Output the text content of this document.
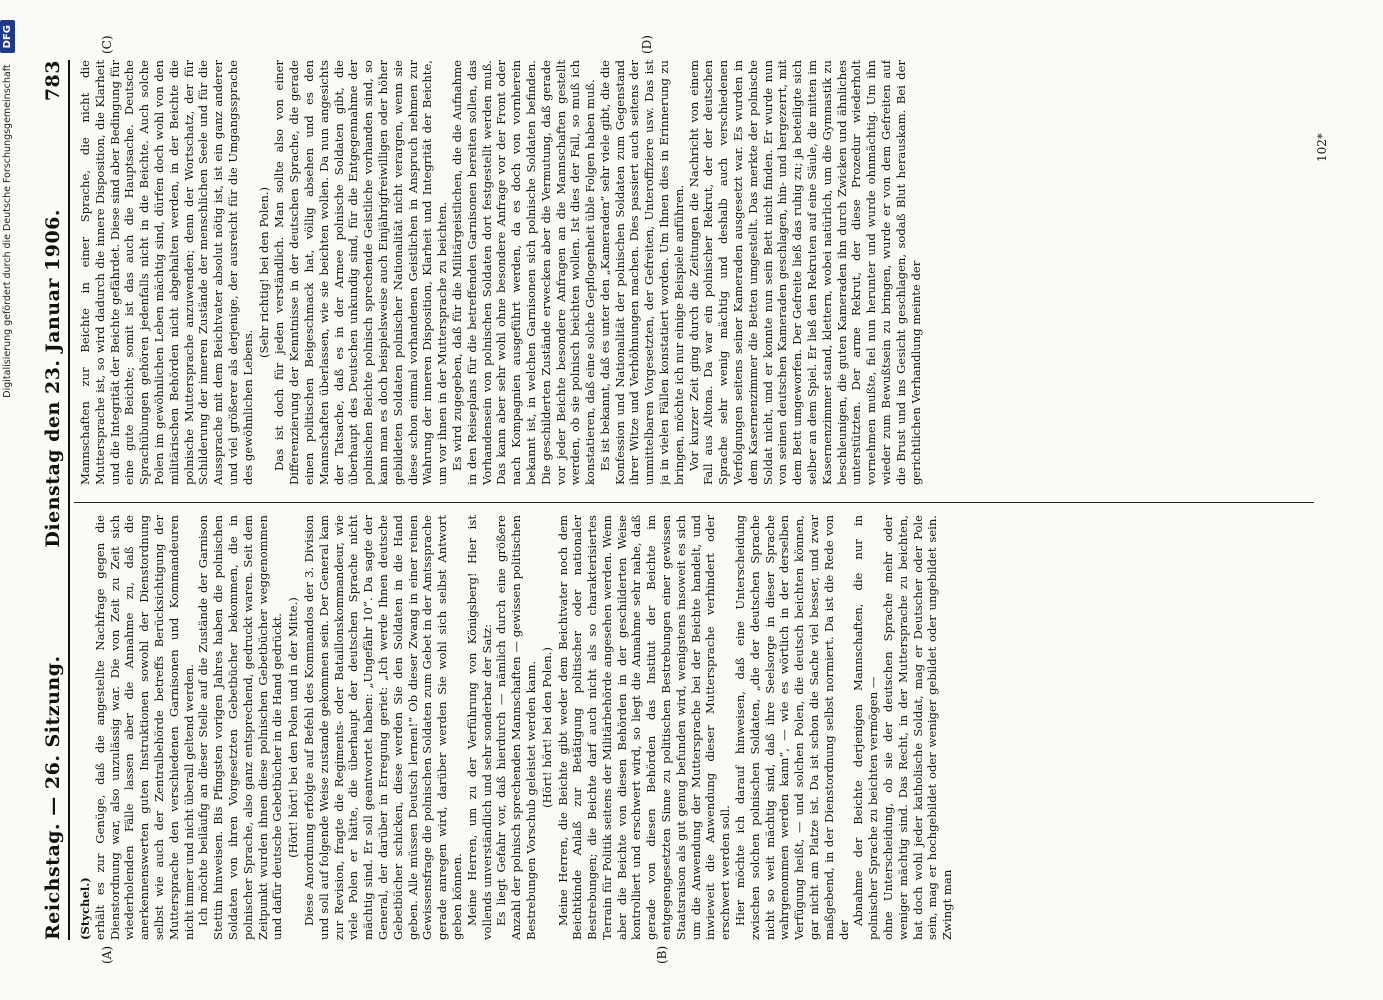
Digitalisierung gefördert durch die Deutsche Forschungsgemeinschaft DFG
Reichstag. — 26. Sitzung.
Dienstag den 23. Januar 1906.
783
(A)	(B)
(C)	(D)

(Stychel.) erhält es zur Genüge, daß die angestellte Nachfrage gegen die Dienstordnung war, also unzulässig war. Die von Zeit zu Zeit sich wiederholenden Fälle lassen aber die Annahme zu, daß die anerkennenswerten guten Instruktionen sowohl der Dienstordnung selbst wie auch der Zentralbehörde betreffs Berücksichtigung der Muttersprache den verschiedenen Garnisonen und Kommandeuren nicht immer und nicht überall geltend werden. Ich möchte beiläufig an dieser Stelle auf die Zustände der Garnison Stettin hinweisen. Bis Pfingsten vorigen Jahres haben die polnischen Soldaten von ihren Vorgesetzten Gebetbücher bekommen, die in polnischer Sprache, also ganz entsprechend, gedruckt waren. Seit dem Zeitpunkt wurden ihnen diese polnischen Gebetbücher weggenommen und dafür deutsche Gebetbücher in die Hand gedrückt. (Hört! hört! bei den Polen und in der Mitte.) Diese Anordnung erfolgte auf Befehl des Kommandos der 3. Division und soll auf folgende Weise zustande gekommen sein. Der General kam zur Revision, fragte die Regiments- oder Bataillonskommandeur, wie viele Polen er hätte, die überhaupt der deutschen Sprache nicht mächtig sind. Er soll geantwortet haben: „Ungefähr 10“. Da sagte der General, der darüber in Erregung geriet: „Ich werde Ihnen deutsche Gebetbücher schicken, diese werden Sie den Soldaten in die Hand geben. Alle müssen Deutsch lernen!“ Ob dieser Zwang in einer reinen Gewissensfrage die polnischen Soldaten zum Gebet in der Amtssprache gerade anregen wird, darüber werden Sie wohl sich selbst Antwort geben können. Meine Herren, um zu der Verführung von Königsberg! Hier ist vollends unverständlich und sehr sonderbar der Satz: Es liegt Gefahr vor, daß hierdurch — nämlich durch eine größere Anzahl der polnisch sprechenden Mannschaften — gewissen politischen Bestrebungen Vorschub geleistet werden kann. (Hört! hört! bei den Polen.) Meine Herren, die Beichte gibt weder dem Beichtvater noch dem Beichtkinde Anlaß zur Betätigung politischer oder nationaler Bestrebungen; die Beichte darf auch nicht als so charakterisiertes Terrain für Politik seitens der Militärbehörde angesehen werden. Wenn aber die Beichte von diesen Behörden in der geschilderten Weise kontrolliert und erschwert wird, so liegt die Annahme sehr nahe, daß gerade von diesen Behörden das Institut der Beichte im entgegengesetzten Sinne zu politischen Bestrebungen einer gewissen Staatsraison als gut genug befunden wird, wenigstens insoweit es sich um die Anwendung der Muttersprache bei der Beichte handelt, und inwieweit die Anwendung dieser Muttersprache verhindert oder erschwert werden soll. Hier möchte ich darauf hinweisen, daß eine Unterscheidung zwischen solchen polnischen Soldaten, „die der deutschen Sprache nicht so weit mächtig sind, daß ihre Seelsorge in dieser Sprache wahrgenommen werden kann“, — wie es wörtlich in der derselben Verfügung heißt, — und solchen Polen, die deutsch beichten können, gar nicht am Platze ist. Da ist schon die Sache viel besser, und zwar maßgebend, in der Dienstordnung selbst normiert. Da ist die Rede von der

Abnahme der Beichte derjenigen Mannschaften, die nur in polnischer Sprache zu beichten vermögen — ohne Unterscheidung, ob sie der deutschen Sprache mehr oder weniger mächtig sind. Das Recht, in der Muttersprache zu beichten, hat doch wohl jeder katholische Soldat, mag er Deutscher oder Pole sein, mag er hochgebildet oder weniger gebildet oder ungebildet sein. Zwingt man

Mannschaften zur Beichte in einer Sprache, die nicht die Muttersprache ist, so wird dadurch die innere Disposition, die Klarheit und die Integrität der Beichte gefährdet. Diese sind aber Bedingung für eine gute Beichte; somit ist das auch die Hauptsache. Deutsche Sprachübungen gehören jedenfalls nicht in die Beichte. Auch solche Polen im gewöhnlichen Leben mächtig sind, dürfen doch wohl von den militärischen Behörden nicht abgehalten werden, in der Beichte die polnische Muttersprache anzuwenden; denn der Wortschatz, der für Schilderung der inneren Zustände der menschlichen Seele und für die Aussprache mit dem Beichtvater absolut nötig ist, ist ein ganz anderer und viel größerer als derjenige, der ausreicht für die Umgangssprache des gewöhnlichen Lebens.

(Sehr richtig! bei den Polen.) Das ist doch für jeden verständlich. Man sollte also von einer Differenzierung der Kenntnisse in der deutschen Sprache, die gerade einen politischen Beigeschmack hat, völlig absehen und es den Mannschaften überlassen, wie sie beichten wollen. Da nun angesichts der Tatsache, daß es in der Armee polnische Soldaten gibt, die überhaupt des Deutschen unkundig sind, für die Entgegennahme der polnischen Beichte polnisch sprechende Geistliche vorhanden sind, so kann man es doch beispielsweise auch Einjährigfreiwilligen oder höher gebildeten Soldaten polnischer Nationalität nicht verargen, wenn sie diese schon einmal vorhandenen Geistlichen in Anspruch nehmen zur Wahrung der inneren Disposition, Klarheit und Integrität der Beichte, um vor ihnen in der Muttersprache zu beichten. Es wird zugegeben, daß für die Militärgeistlichen, die die Aufnahme in den Reiseplans für die betreffenden Garnisonen bereiten sollen, das Vorhandensein von polnischen Soldaten dort festgestellt werden muß. Das kann aber sehr wohl ohne besondere Anfrage vor der Front oder nach Kompagnien ausgeführt werden, da es doch von vornherein bekannt ist, in welchen Garnisonen sich polnische Soldaten befinden. Die geschilderten Zustände erwecken aber die Vermutung, daß gerade vor jeder Beichte besondere Anfragen an die Mannschaften gestellt werden, ob sie polnisch beichten wollen. Ist dies der Fall, so muß ich konstatieren, daß eine solche Gepflogenheit üble Folgen haben muß. Es ist bekannt, daß es unter den „Kameraden“ sehr viele gibt, die die Konfession und Nationalität der polnischen Soldaten zum Gegenstand ihrer Witze und Verhöhnungen machen. Dies passiert auch seitens der unmittelbaren Vorgesetzten, der Gefreiten, Unteroffiziere usw. Das ist ja in vielen Fällen konstatiert worden. Um Ihnen dies in Erinnerung zu bringen, möchte ich nur einige Beispiele anführen. Vor kurzer Zeit ging durch die Zeitungen die Nachricht von einem Fall aus Altona. Da war ein polnischer Rekrut, der der deutschen Sprache sehr wenig mächtig und deshalb auch verschiedenen Verfolgungen seitens seiner Kameraden ausgesetzt war. Es wurden in dem Kasernenzimmer die Betten umgestellt. Das merkte der polnische Soldat nicht, und er konnte nun sein Bett nicht finden. Er wurde nun von seinen deutschen Kameraden geschlagen, hin- und hergezerrt, mit dem Bett umgeworfen. Der Gefreite ließ das ruhig zu; ja beteiligte sich selber an dem Spiel. Er ließ den Rekruten auf eine Säule, die mitten im Kasernenzimmer stand, klettern, wobei natürlich, um die Gymnastik zu beschleunigen, die guten Kameraden ihn durch Zwicken und ähnliches unterstützten. Der arme Rekrut, der diese Prozedur wiederholt vornehmen mußte, fiel nun herunter und wurde ohnmächtig. Um ihn wieder zum Bewußtsein zu bringen, wurde er von dem Gefreiten auf die Brust und ins Gesicht geschlagen, sodaß Blut herauskam. Bei der gerichtlichen Verhandlung meinte der

102*
